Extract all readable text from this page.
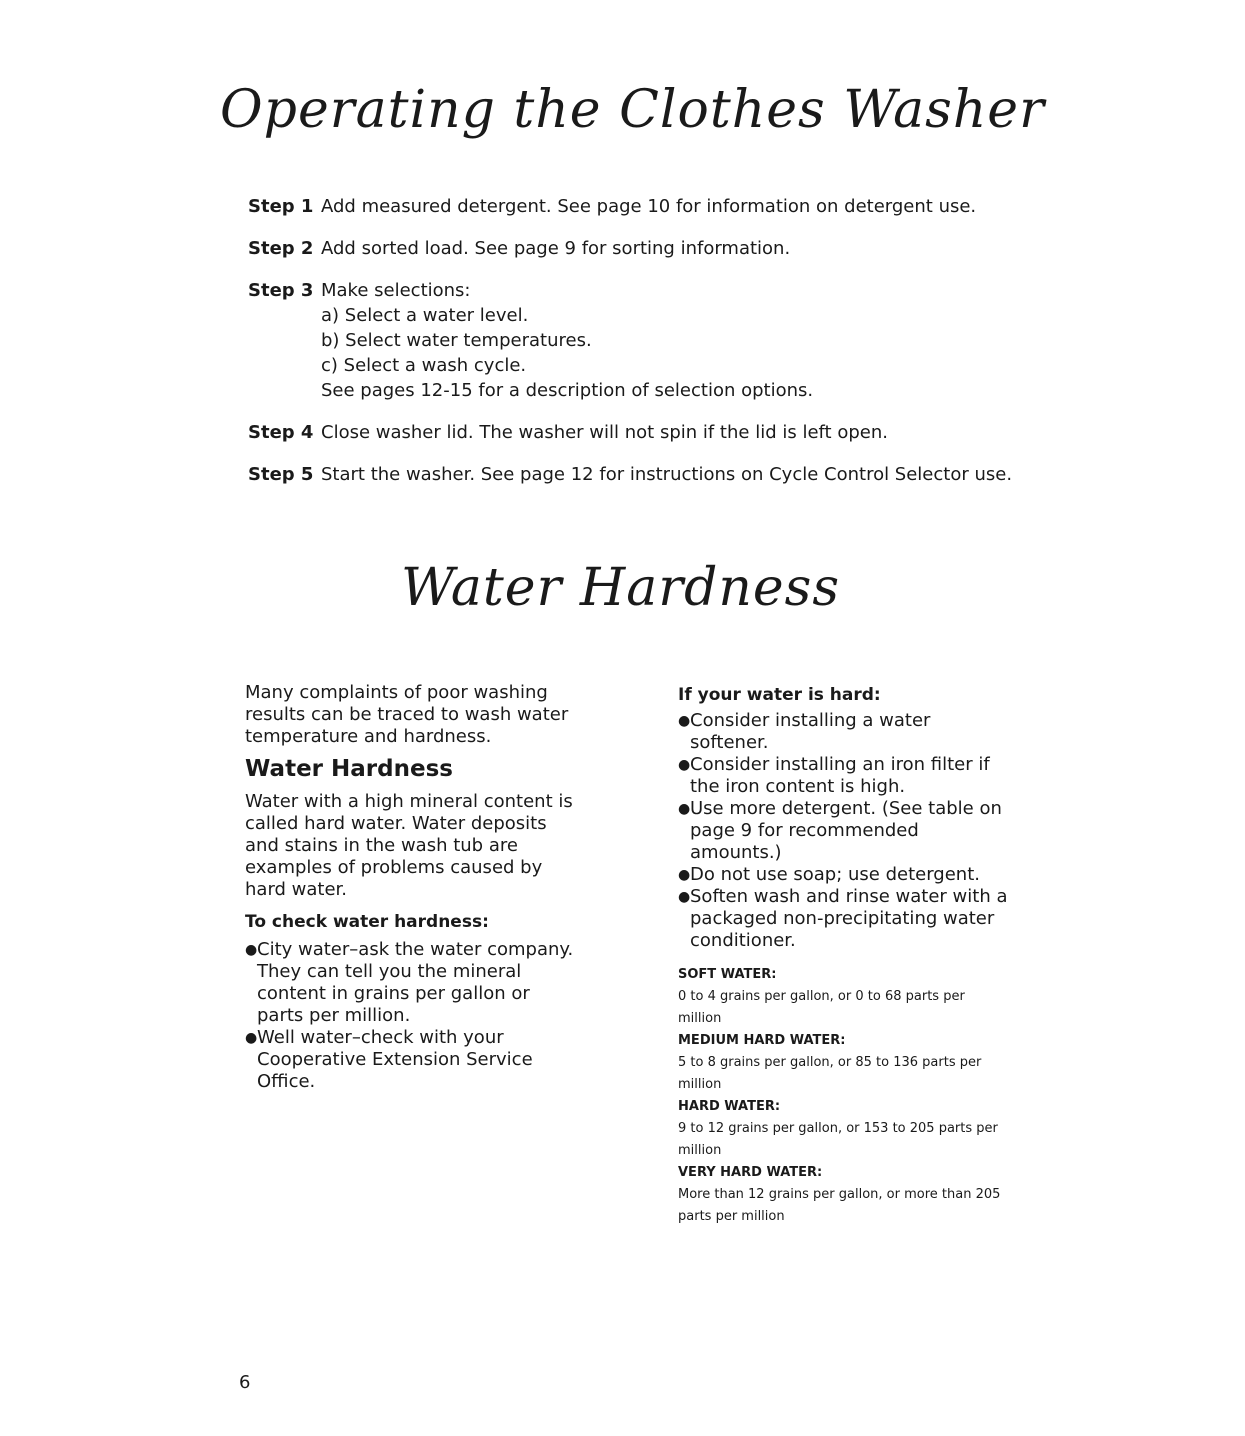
Operating the Clothes Washer
Step 1 Add measured detergent. See page 10 for information on detergent use.
Step 2 Add sorted load. See page 9 for sorting information.
Step 3 Make selections:
a) Select a water level.
b) Select water temperatures.
c) Select a wash cycle.
See pages 12-15 for a description of selection options.
Step 4 Close washer lid. The washer will not spin if the lid is left open.
Step 5 Start the washer. See page 12 for instructions on Cycle Control Selector use.
Water Hardness

Many complaints of poor washing results can be traced to wash water temperature and hardness.

Water Hardness

Water with a high mineral content is called hard water. Water deposits and stains in the wash tub are examples of problems caused by hard water.

To check water hardness:
● City water–ask the water company. They can tell you the mineral content in grains per gallon or parts per million.
● Well water–check with your Cooperative Extension Service Office.
If your water is hard:
● Consider installing a water softener.
● Consider installing an iron filter if the iron content is high.
● Use more detergent. (See table on page 9 for recommended amounts.)
● Do not use soap; use detergent.
● Soften wash and rinse water with a packaged non-precipitating water conditioner.
SOFT WATER:
0 to 4 grains per gallon, or 0 to 68 parts per million
MEDIUM HARD WATER:
5 to 8 grains per gallon, or 85 to 136 parts per million
HARD WATER:
9 to 12 grains per gallon, or 153 to 205 parts per million
VERY HARD WATER:
More than 12 grains per gallon, or more than 205 parts per million
6
